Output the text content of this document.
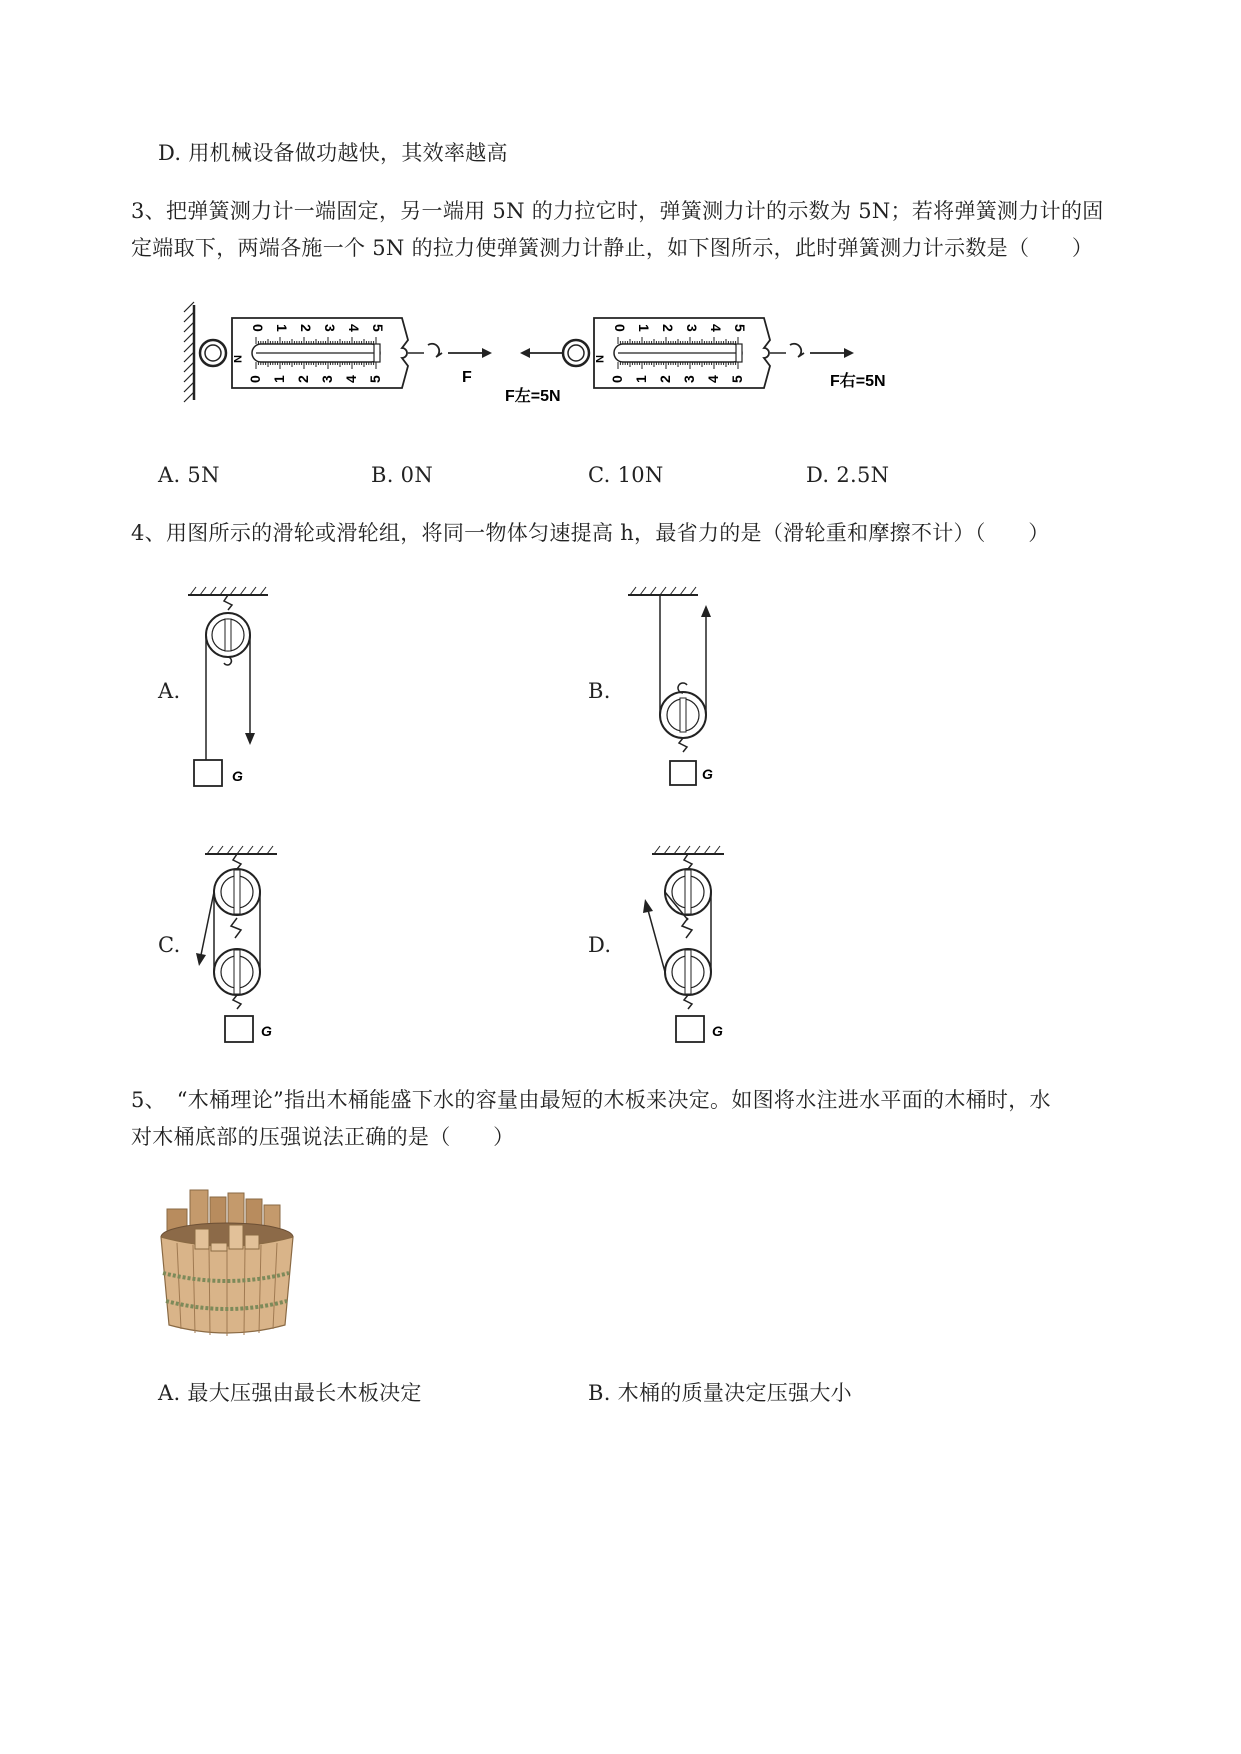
D. 用机械设备做功越快，其效率越高
3、把弹簧测力计一端固定，另一端用 5N 的力拉它时，弹簧测力计的示数为 5N；若将弹簧测力计的固
定端取下，两端各施一个 5N 的拉力使弹簧测力计静止，如下图所示，此时弹簧测力计示数是（　　）
N
0 1 2 3 4 5
0 1 2 3 4 5	F
N
0 1 2 3 4 5
0 1 2 3 4 5
F左=5N
F右=5N
A. 5N	B. 0N	C. 10N	D. 2.5N
4、用图所示的滑轮或滑轮组，将同一物体匀速提高 h，最省力的是（滑轮重和摩擦不计）（　　）
A.
G
B.
G
C.
G
D.
G
5、　“木桶理论”指出木桶能盛下水的容量由最短的木板来决定。如图将水注进水平面的木桶时，水
对木桶底部的压强说法正确的是（　　）
A. 最大压强由最长木板决定	B. 木桶的质量决定压强大小
